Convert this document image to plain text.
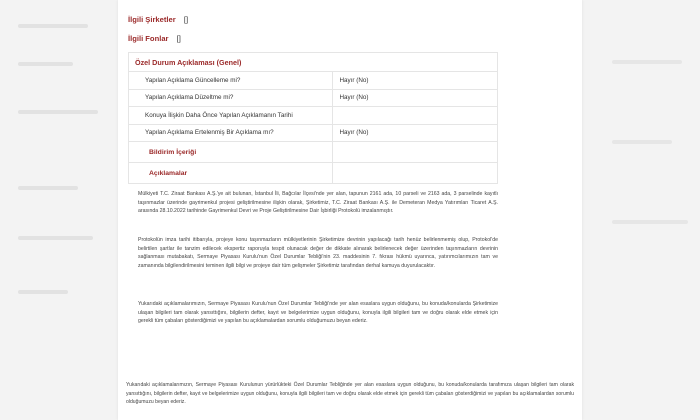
İlgili Şirketler []
İlgili Fonlar []
Özel Durum Açıklaması (Genel)	
Yapılan Açıklama Güncelleme mi?	Hayır (No)
Yapılan Açıklama Düzeltme mi?	Hayır (No)
Konuya İlişkin Daha Önce Yapılan Açıklamanın Tarihi	
Yapılan Açıklama Ertelenmiş Bir Açıklama mı?	Hayır (No)
Bildirim İçeriği	
Açıklamalar	

Mülkiyeti T.C. Ziraat Bankası A.Ş.'ye ait bulunan, İstanbul İli, Bağcılar İlçesi'nde yer alan, tapunun 2161 ada, 10 parseli ve 2163 ada, 3 parselinde kayıtlı taşınmazlar üzerinde gayrimenkul projesi geliştirilmesine ilişkin olarak, Şirketimiz, T.C. Ziraat Bankası A.Ş. ile Demeteran Medya Yatırımları Ticaret A.Ş. arasında 28.10.2022 tarihinde Gayrimenkul Devri ve Proje Geliştirilmesine Dair İşbirliği Protokolü imzalanmıştır.

Protokolün imza tarihi itibarıyla, projeye konu taşınmazların mülkiyetlerinin Şirketimize devrinin yapılacağı tarih henüz belirlenmemiş olup, Protokol'de belirtilen şartlar ile tanzim edilecek ekspertiz raporuyla tespit olunacak değer de dikkate alınarak belirlenecek değer üzerinden taşınmazların devrinin sağlanması mutabakatı, Sermaye Piyasası Kurulu'nun Özel Durumlar Tebliği'nin 23. maddesinin 7. fıkrası hükmü uyarınca, yatırımcılarımızın tam ve zamanında bilgilendirilmesini teminen ilgili bilgi ve projeye dair tüm gelişmeler Şirketimiz tarafından derhal kamuya duyurulacaktır.

Yukarıdaki açıklamalarımızın, Sermaye Piyasası Kurulu'nun Özel Durumlar Tebliği'nde yer alan esaslara uygun olduğunu, bu konuda/konularda Şirketimize ulaşan bilgileri tam olarak yansıttığını, bilgilerin defter, kayıt ve belgelerimize uygun olduğunu, konuyla ilgili bilgileri tam ve doğru olarak elde etmek için gerekli tüm çabaları gösterdiğimizi ve yapılan bu açıklamalardan sorumlu olduğumuzu beyan ederiz.

Yukarıdaki açıklamalarımızın, Sermaye Piyasası Kurulunun yürürlükteki Özel Durumlar Tebliğinde yer alan esaslara uygun olduğunu, bu konuda/konularda tarafımıza ulaşan bilgileri tam olarak yansıttığını, bilgilerin defter, kayıt ve belgelerimize uygun olduğunu, konuyla ilgili bilgileri tam ve doğru olarak elde etmek için gerekli tüm çabaları gösterdiğimizi ve yapılan bu açıklamalardan sorumlu olduğumuzu beyan ederiz.
